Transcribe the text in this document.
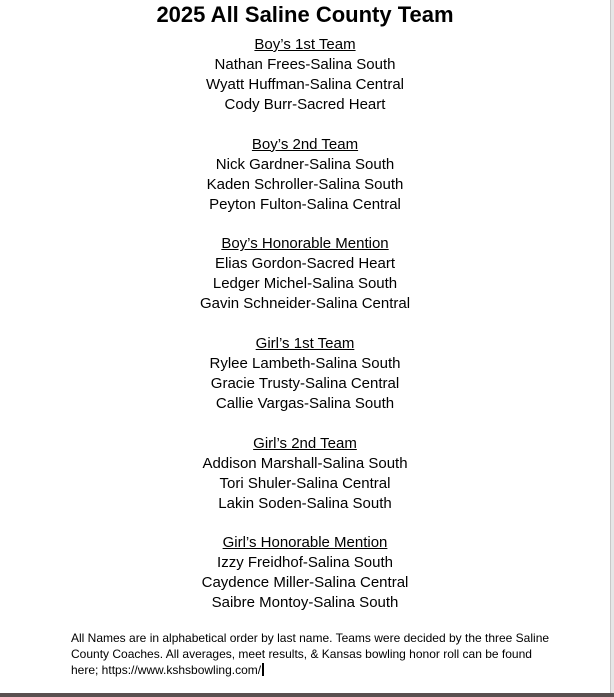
2025 All Saline County Team
Boy’s 1st Team
Nathan Frees-Salina South
Wyatt Huffman-Salina Central
Cody Burr-Sacred Heart
Boy’s 2nd Team
Nick Gardner-Salina South
Kaden Schroller-Salina South
Peyton Fulton-Salina Central
Boy’s Honorable Mention
Elias Gordon-Sacred Heart
Ledger Michel-Salina South
Gavin Schneider-Salina Central
Girl’s 1st Team
Rylee Lambeth-Salina South
Gracie Trusty-Salina Central
Callie Vargas-Salina South
Girl’s 2nd Team
Addison Marshall-Salina South
Tori Shuler-Salina Central
Lakin Soden-Salina South
Girl’s Honorable Mention
Izzy Freidhof-Salina South
Caydence Miller-Salina Central
Saibre Montoy-Salina South
All Names are in alphabetical order by last name. Teams were decided by the three Saline County Coaches. All averages, meet results, & Kansas bowling honor roll can be found here; https://www.kshsbowling.com/
